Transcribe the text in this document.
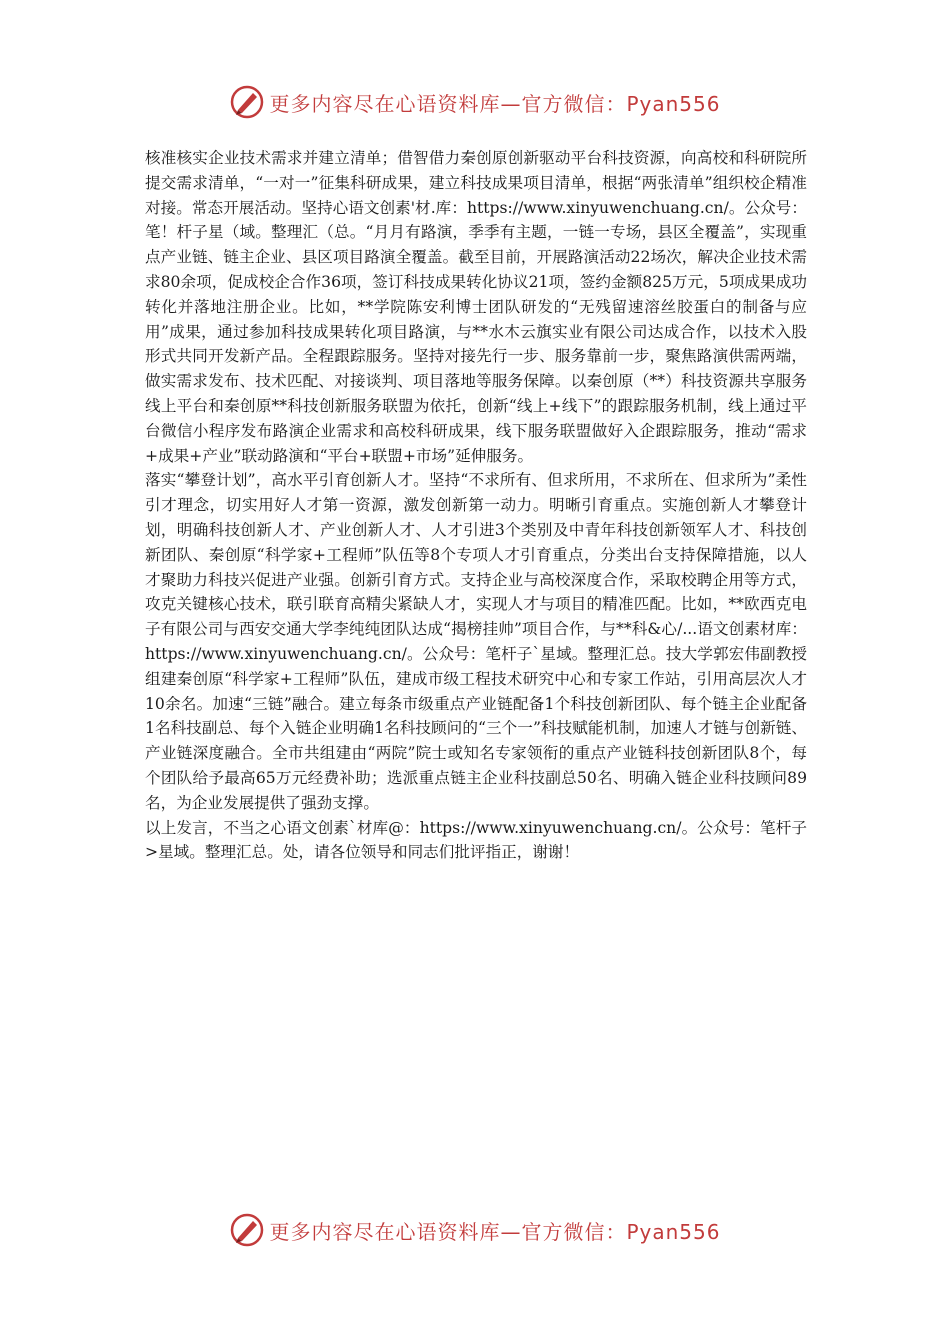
更多内容尽在心语资料库—官方微信：Pyan556

核准核实企业技术需求并建立清单；借智借力秦创原创新驱动平台科技资源，向高校和科研院所提交需求清单，“一对一”征集科研成果，建立科技成果项目清单，根据“两张清单”组织校企精准对接。常态开展活动。坚持心语文创素'材.库：https://www.xinyuwenchuang.cn/。公众号：笔！杆子星（域。整理汇（总。“月月有路演，季季有主题，一链一专场，县区全覆盖”，实现重点产业链、链主企业、县区项目路演全覆盖。截至目前，开展路演活动22场次，解决企业技术需求80余项，促成校企合作36项，签订科技成果转化协议21项，签约金额825万元，5项成果成功转化并落地注册企业。比如，**学院陈安利博士团队研发的“无残留速溶丝胶蛋白的制备与应用”成果，通过参加科技成果转化项目路演，与**水木云旗实业有限公司达成合作，以技术入股形式共同开发新产品。全程跟踪服务。坚持对接先行一步、服务靠前一步，聚焦路演供需两端，做实需求发布、技术匹配、对接谈判、项目落地等服务保障。以秦创原（**）科技资源共享服务线上平台和秦创原**科技创新服务联盟为依托，创新“线上+线下”的跟踪服务机制，线上通过平台微信小程序发布路演企业需求和高校科研成果，线下服务联盟做好入企跟踪服务，推动“需求+成果+产业”联动路演和“平台+联盟+市场”延伸服务。

落实“攀登计划”，高水平引育创新人才。坚持“不求所有、但求所用，不求所在、但求所为”柔性引才理念，切实用好人才第一资源，激发创新第一动力。明晰引育重点。实施创新人才攀登计划，明确科技创新人才、产业创新人才、人才引进3个类别及中青年科技创新领军人才、科技创新团队、秦创原“科学家+工程师”队伍等8个专项人才引育重点，分类出台支持保障措施，以人才聚助力科技兴促进产业强。创新引育方式。支持企业与高校深度合作，采取校聘企用等方式，攻克关键核心技术，联引联育高精尖紧缺人才，实现人才与项目的精准匹配。比如，**欧西克电子有限公司与西安交通大学李纯纯团队达成“揭榜挂帅”项目合作，与**科&心/...语文创素材库：https://www.xinyuwenchuang.cn/。公众号：笔杆子`星域。整理汇总。技大学郭宏伟副教授组建秦创原“科学家+工程师”队伍，建成市级工程技术研究中心和专家工作站，引用高层次人才10余名。加速“三链”融合。建立每条市级重点产业链配备1个科技创新团队、每个链主企业配备1名科技副总、每个入链企业明确1名科技顾问的“三个一”科技赋能机制，加速人才链与创新链、产业链深度融合。全市共组建由“两院”院士或知名专家领衔的重点产业链科技创新团队8个，每个团队给予最高65万元经费补助；选派重点链主企业科技副总50名、明确入链企业科技顾问89名，为企业发展提供了强劲支撑。

以上发言，不当之心语文创素`材库@：https://www.xinyuwenchuang.cn/。公众号：笔杆子>星域。整理汇总。处，请各位领导和同志们批评指正，谢谢！

更多内容尽在心语资料库—官方微信：Pyan556
